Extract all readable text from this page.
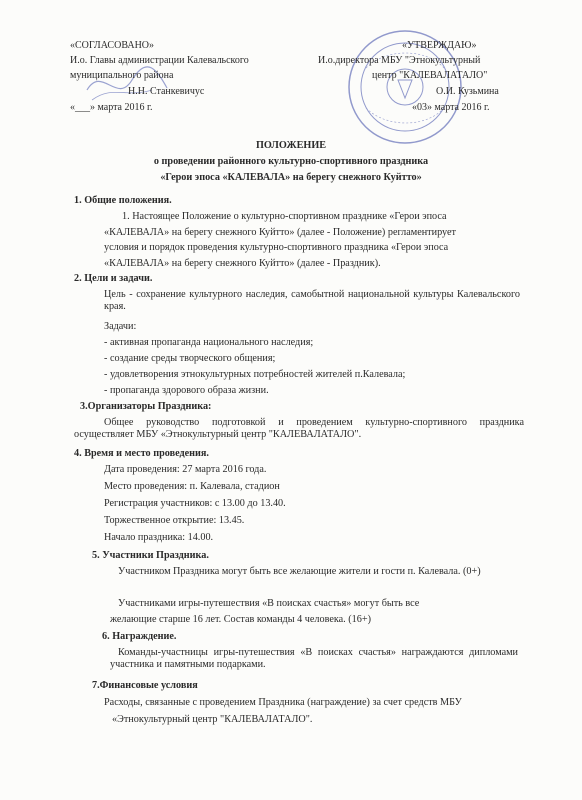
«СОГЛАСОВАНО»
И.о. Главы администрации Калевальского
муниципального района
Н.Н. Станкевичус
«___» марта 2016 г.
«УТВЕРЖДАЮ»
И.о.директора МБУ "Этнокультурный
центр "КАЛЕВАЛАТАЛО"
О.И. Кузьмина
«03» марта 2016 г.
ПОЛОЖЕНИЕ
о проведении районного культурно-спортивного праздника
«Герои эпоса «КАЛЕВАЛА» на берегу снежного Куйтто»
1. Общие положения.
1. Настоящее Положение о культурно-спортивном празднике «Герои эпоса
«КАЛЕВАЛА» на берегу снежного Куйтто» (далее - Положение) регламентирует
условия и порядок проведения культурно-спортивного праздника «Герои эпоса
«КАЛЕВАЛА» на берегу снежного Куйтто» (далее - Праздник).
2. Цели и задачи.
Цель - сохранение культурного наследия, самобытной национальной культуры Калевальского края.
Задачи:
- активная пропаганда национального наследия;
- создание среды творческого общения;
- удовлетворения этнокультурных потребностей жителей п.Калевала;
- пропаганда здорового образа жизни.
3.Организаторы Праздника:
Общее руководство подготовкой и проведением культурно-спортивного праздника осуществляет МБУ «Этнокультурный центр "КАЛЕВАЛАТАЛО".
4. Время и место проведения.
Дата проведения: 27 марта 2016 года.
Место проведения: п. Калевала, стадион
Регистрация участников: с 13.00 до 13.40.
Торжественное открытие: 13.45.
Начало праздника: 14.00.
5. Участники Праздника.
Участником Праздника могут быть все желающие жители и гости п. Калевала. (0+)
Участниками игры-путешествия «В поисках счастья» могут быть все
желающие старше 16 лет. Состав команды 4 человека. (16+)
6. Награждение.
Команды-участницы игры-путешествия «В поисках счастья» награждаются дипломами участника и памятными подарками.
7.Финансовые условия
Расходы, связанные с проведением Праздника (награждение) за счет средств МБУ
«Этнокультурный центр "КАЛЕВАЛАТАЛО".
